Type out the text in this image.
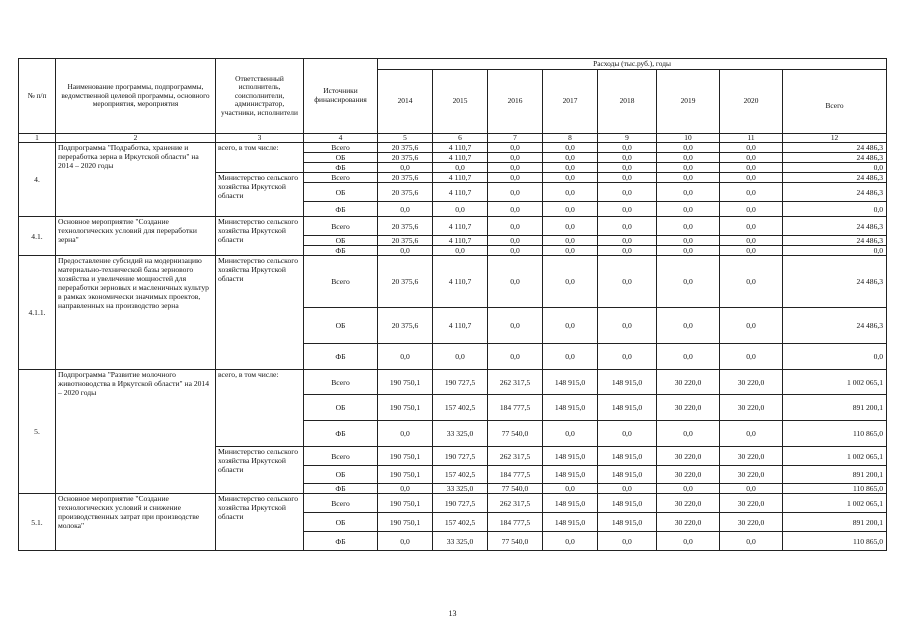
№ п/п	Наименование программы, подпрограммы, ведомственной целевой программы, основного мероприятия, мероприятия	Ответственный исполнитель, соисполнители, администратор, участники, исполнители	Источники финансирования	Расходы (тыс.руб.), годы							
				2014	2015	2016	2017	2018	2019	2020	Всего
1	2	3	4	5	6	7	8	9	10	11	12
4.	Подпрограмма "Подработка, хранение и переработка зерна в Иркутской области" на 2014 – 2020 годы	всего, в том числе:	Всего	20 375,6	4 110,7	0,0	0,0	0,0	0,0	0,0	24 486,3
			ОБ	20 375,6	4 110,7	0,0	0,0	0,0	0,0	0,0	24 486,3
			ФБ	0,0	0,0	0,0	0,0	0,0	0,0	0,0	0,0
		Министерство сельского хозяйства Иркутской области	Всего	20 375,6	4 110,7	0,0	0,0	0,0	0,0	0,0	24 486,3
			ОБ	20 375,6	4 110,7	0,0	0,0	0,0	0,0	0,0	24 486,3
			ФБ	0,0	0,0	0,0	0,0	0,0	0,0	0,0	0,0
4.1.	Основное мероприятие "Создание технологических условий для переработки зерна"	Министерство сельского хозяйства Иркутской области	Всего	20 375,6	4 110,7	0,0	0,0	0,0	0,0	0,0	24 486,3
			ОБ	20 375,6	4 110,7	0,0	0,0	0,0	0,0	0,0	24 486,3
			ФБ	0,0	0,0	0,0	0,0	0,0	0,0	0,0	0,0
4.1.1.	Предоставление субсидий на модернизацию материально-технической базы зернового хозяйства и увеличение мощностей для переработки зерновых и масленичных культур в рамках экономически значимых проектов, направленных на производство зерна	Министерство сельского хозяйства Иркутской области	Всего	20 375,6	4 110,7	0,0	0,0	0,0	0,0	0,0	24 486,3
			ОБ	20 375,6	4 110,7	0,0	0,0	0,0	0,0	0,0	24 486,3
			ФБ	0,0	0,0	0,0	0,0	0,0	0,0	0,0	0,0
5.	Подпрограмма "Развитие молочного животноводства в Иркутской области" на 2014 – 2020 годы	всего, в том числе:	Всего	190 750,1	190 727,5	262 317,5	148 915,0	148 915,0	30 220,0	30 220,0	1 002 065,1
			ОБ	190 750,1	157 402,5	184 777,5	148 915,0	148 915,0	30 220,0	30 220,0	891 200,1
			ФБ	0,0	33 325,0	77 540,0	0,0	0,0	0,0	0,0	110 865,0
		Министерство сельского хозяйства Иркутской области	Всего	190 750,1	190 727,5	262 317,5	148 915,0	148 915,0	30 220,0	30 220,0	1 002 065,1
			ОБ	190 750,1	157 402,5	184 777,5	148 915,0	148 915,0	30 220,0	30 220,0	891 200,1
			ФБ	0,0	33 325,0	77 540,0	0,0	0,0	0,0	0,0	110 865,0
5.1.	Основное мероприятие "Создание технологических условий и снижение производственных затрат при производстве молока"	Министерство сельского хозяйства Иркутской области	Всего	190 750,1	190 727,5	262 317,5	148 915,0	148 915,0	30 220,0	30 220,0	1 002 065,1
			ОБ	190 750,1	157 402,5	184 777,5	148 915,0	148 915,0	30 220,0	30 220,0	891 200,1
			ФБ	0,0	33 325,0	77 540,0	0,0	0,0	0,0	0,0	110 865,0
13
